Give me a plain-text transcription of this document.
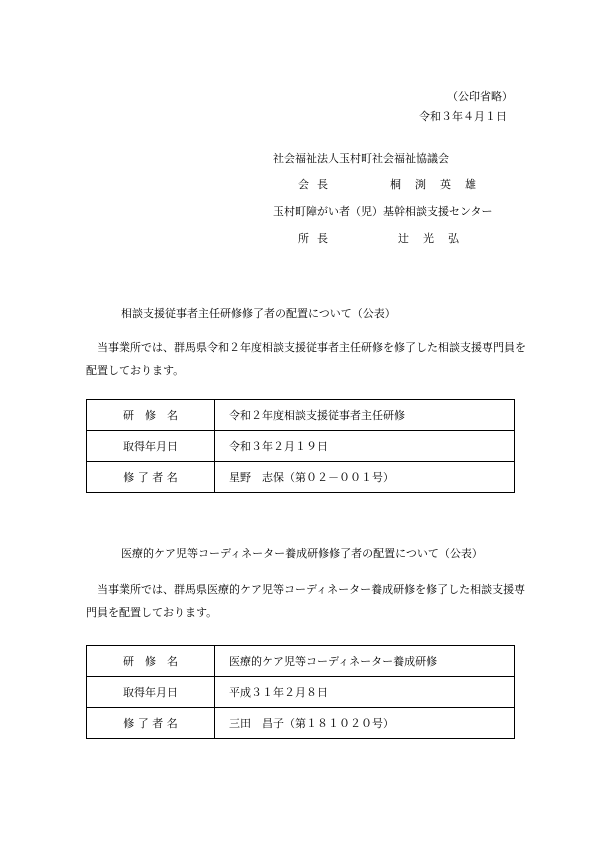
（公印省略）
令和３年４月１日
社会福祉法人玉村町社会福祉協議会
会長	桐渕英雄
玉村町障がい者（児）基幹相談支援センター
所長	辻光弘
相談支援従事者主任研修修了者の配置について（公表）
当事業所では、群馬県令和２年度相談支援従事者主任研修を修了した相談支援専門員を配置しております。
研　修　名	令和２年度相談支援従事者主任研修
取得年月日	令和３年２月１９日
修 了 者 名	星野　志保（第０２－００１号）
医療的ケア児等コーディネーター養成研修修了者の配置について（公表）
当事業所では、群馬県医療的ケア児等コーディネーター養成研修を修了した相談支援専門員を配置しております。
研　修　名	医療的ケア児等コーディネーター養成研修
取得年月日	平成３１年２月８日
修 了 者 名	三田　昌子（第１８１０２０号）
